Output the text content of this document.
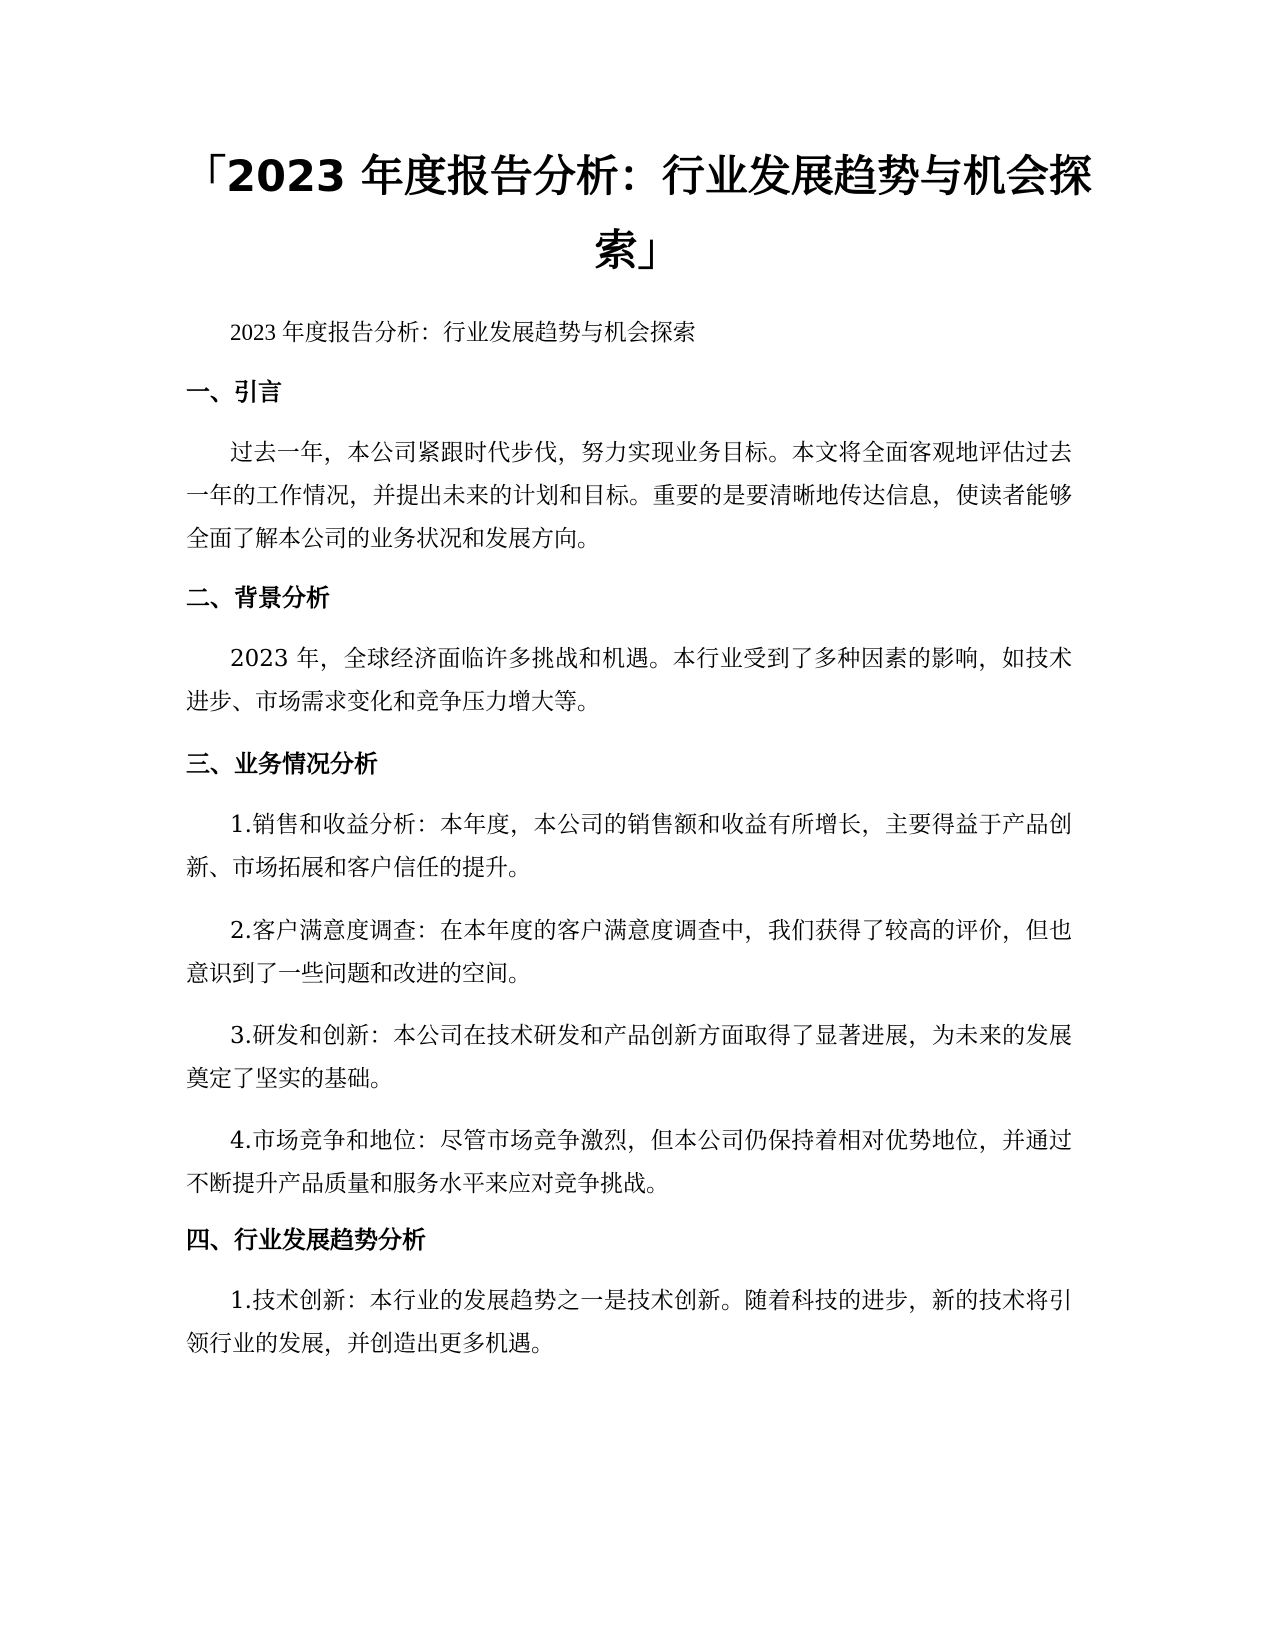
「2023 年度报告分析：行业发展趋势与机会探索」

2023 年度报告分析：行业发展趋势与机会探索

一、引言

过去一年，本公司紧跟时代步伐，努力实现业务目标。本文将全面客观地评估过去一年的工作情况，并提出未来的计划和目标。重要的是要清晰地传达信息，使读者能够全面了解本公司的业务状况和发展方向。

二、背景分析

2023 年，全球经济面临许多挑战和机遇。本行业受到了多种因素的影响，如技术进步、市场需求变化和竞争压力增大等。

三、业务情况分析

1.销售和收益分析：本年度，本公司的销售额和收益有所增长，主要得益于产品创新、市场拓展和客户信任的提升。

2.客户满意度调查：在本年度的客户满意度调查中，我们获得了较高的评价，但也意识到了一些问题和改进的空间。

3.研发和创新：本公司在技术研发和产品创新方面取得了显著进展，为未来的发展奠定了坚实的基础。

4.市场竞争和地位：尽管市场竞争激烈，但本公司仍保持着相对优势地位，并通过不断提升产品质量和服务水平来应对竞争挑战。

四、行业发展趋势分析

1.技术创新：本行业的发展趋势之一是技术创新。随着科技的进步，新的技术将引领行业的发展，并创造出更多机遇。
